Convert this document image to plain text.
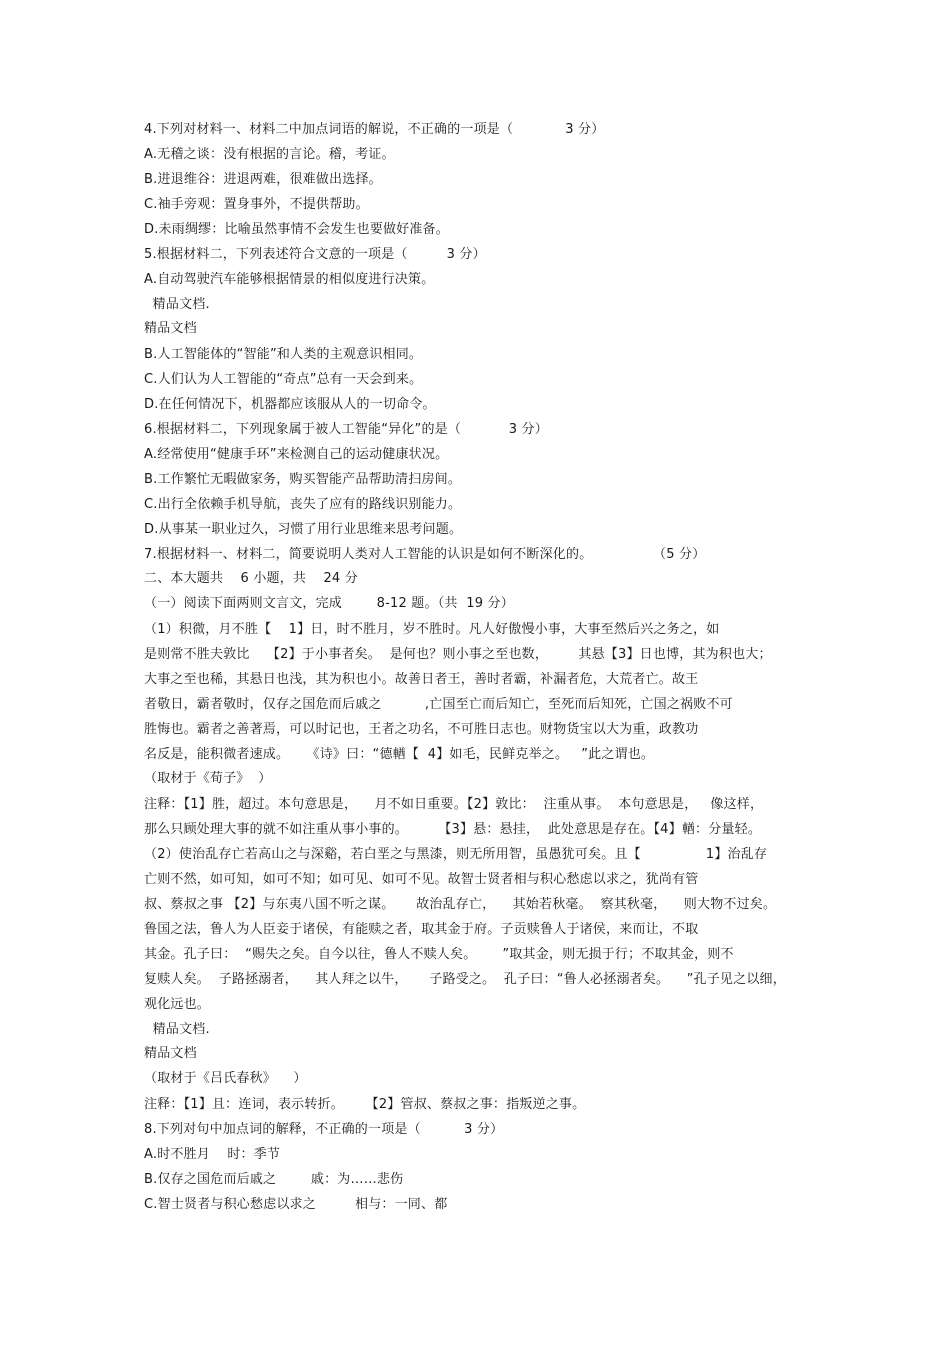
4.下列对材料一、材料二中加点词语的解说，不正确的一项是（            3 分）
A.无稽之谈：没有根据的言论。稽，考证。
B.进退维谷：进退两难，很难做出选择。
C.袖手旁观：置身事外，不提供帮助。
D.未雨绸缪：比喻虽然事情不会发生也要做好准备。
5.根据材料二，下列表述符合文意的一项是（         3 分）
A.自动驾驶汽车能够根据情景的相似度进行决策。
精品文档.
精品文档
B.人工智能体的“智能”和人类的主观意识相同。
C.人们认为人工智能的“奇点”总有一天会到来。
D.在任何情况下，机器都应该服从人的一切命令。
6.根据材料二，下列现象属于被人工智能“异化”的是（           3 分）
A.经常使用“健康手环”来检测自己的运动健康状况。
B.工作繁忙无暇做家务，购买智能产品帮助清扫房间。
C.出行全依赖手机导航，丧失了应有的路线识别能力。
D.从事某一职业过久，习惯了用行业思维来思考问题。
7.根据材料一、材料二，简要说明人类对人工智能的认识是如何不断深化的。              （5 分）
二、本大题共    6 小题，共    24 分
（一）阅读下面两则文言文，完成        8-12 题。（共  19 分）
（1）积微，月不胜【    1】日，时不胜月，岁不胜时。凡人好傲慢小事，大事至然后兴之务之，如
是则常不胜夫敦比    【2】于小事者矣。  是何也？则小事之至也数，       其悬【3】日也博，其为积也大；
大事之至也稀，其悬日也浅，其为积也小。故善日者王，善时者霸，补漏者危，大荒者亡。故王
者敬日，霸者敬时，仅存之国危而后戚之          ,亡国至亡而后知亡，至死而后知死，亡国之祸败不可
胜悔也。霸者之善著焉，可以时记也，王者之功名，不可胜日志也。财物货宝以大为重，政教功
名反是，能积微者速成。    《诗》曰：“德輶【  4】如毛，民鲜克举之。   ”此之谓也。
（取材于《荀子》  ）
注释：【1】胜，超过。本句意思是，    月不如日重要。【2】敦比：  注重从事。  本句意思是，   像这样，
那么只顾处理大事的就不如注重从事小事的。       【3】悬：悬挂，  此处意思是存在。【4】輶：分量轻。
（2）使治乱存亡若高山之与深谿，若白垩之与黑漆，则无所用智，虽愚犹可矣。且【               1】治乱存
亡则不然，如可知，如可不知；如可见、如可不见。故智士贤者相与积心愁虑以求之，犹尚有管
叔、蔡叔之事 【2】与东夷八国不听之谋。     故治乱存亡，    其始若秋毫。  察其秋毫，    则大物不过矣。
鲁国之法，鲁人为人臣妾于诸侯，有能赎之者，取其金于府。子贡赎鲁人于诸侯，来而让，不取
其金。孔子曰：  “赐失之矣。自今以往，鲁人不赎人矣。      ”取其金，则无损于行；不取其金，则不
复赎人矣。  子路拯溺者，    其人拜之以牛，     子路受之。  孔子曰：“鲁人必拯溺者矣。    ”孔子见之以细，
观化远也。
精品文档.
精品文档
（取材于《吕氏春秋》    ）
注释：【1】且：连词，表示转折。     【2】管叔、蔡叔之事：指叛逆之事。
8.下列对句中加点词的解释，不正确的一项是（          3 分）
A.时不胜月    时：季节
B.仅存之国危而后戚之        戚：为……悲伤
C.智士贤者与积心愁虑以求之         相与：一同、都
